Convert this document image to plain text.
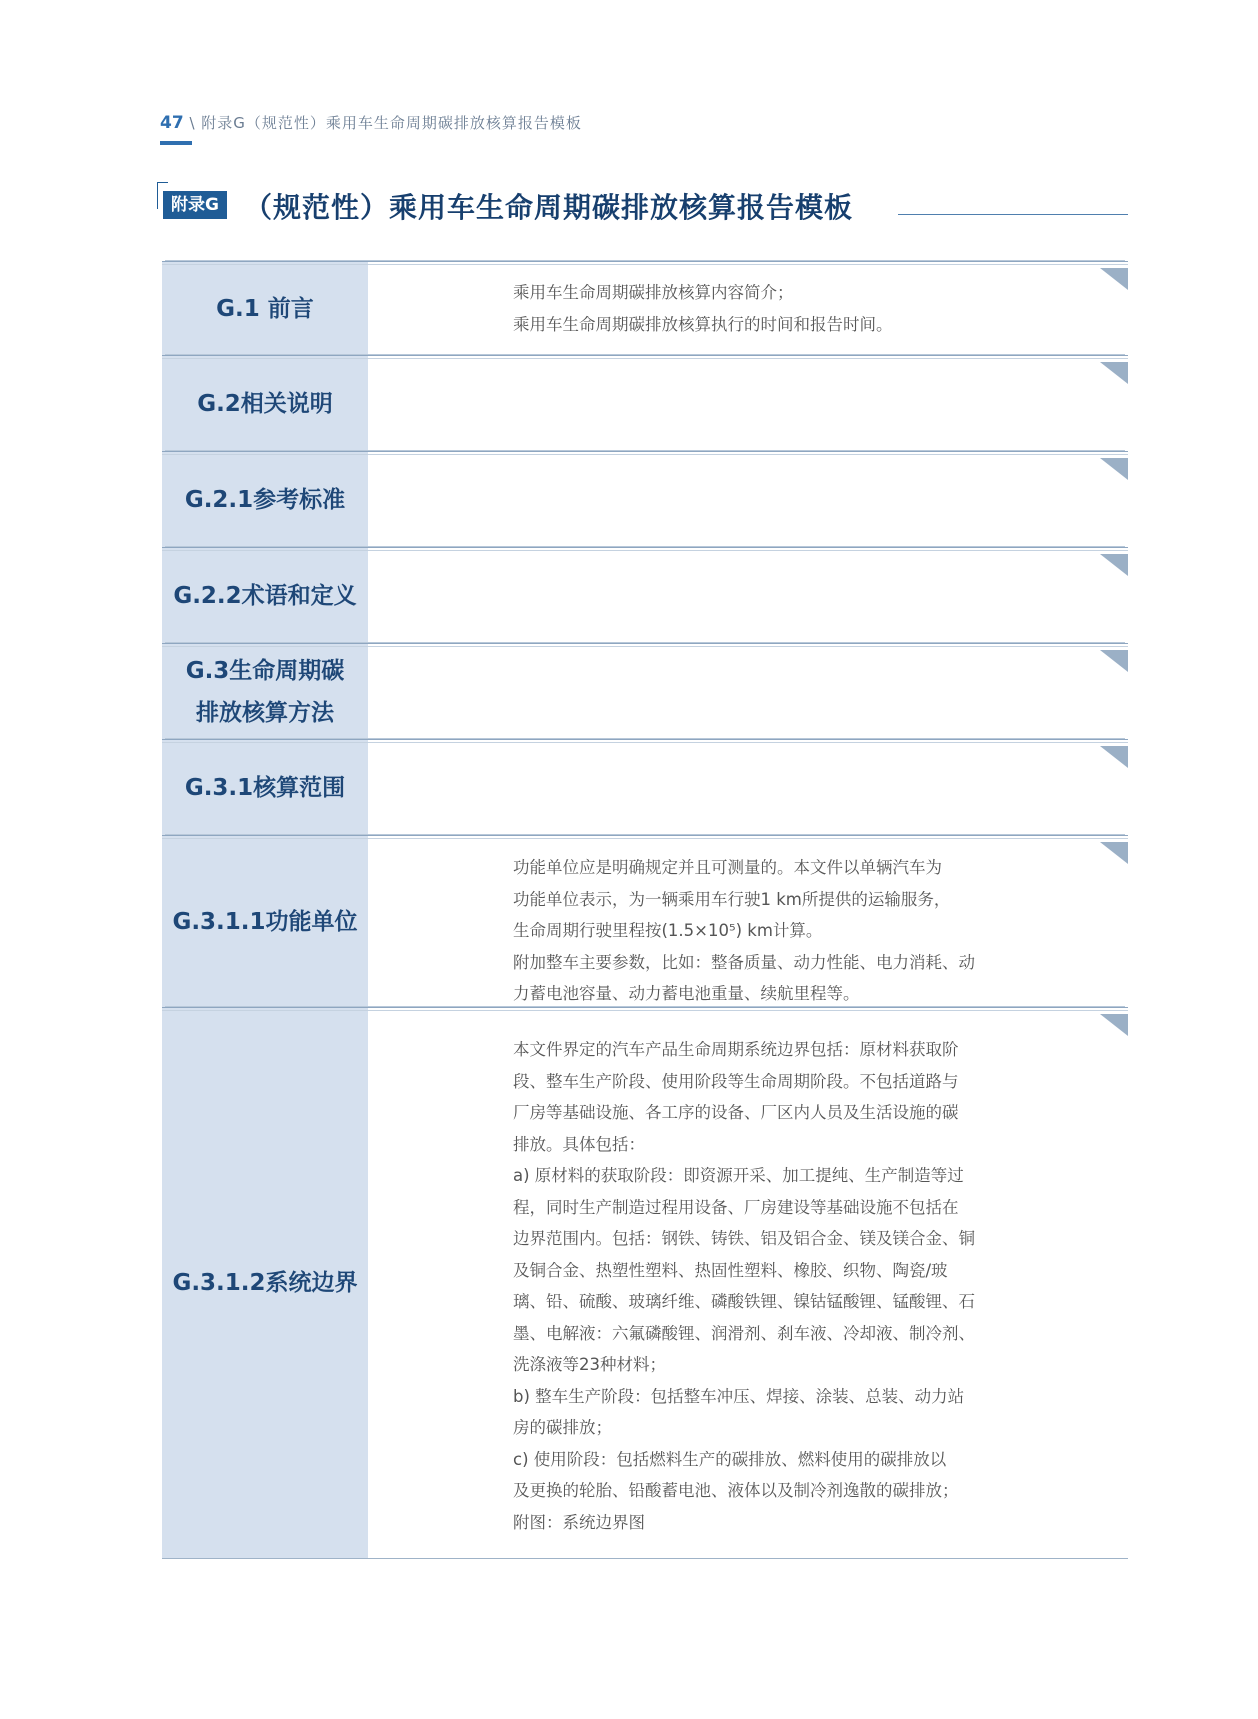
47 \ 附录G（规范性）乘用车生命周期碳排放核算报告模板
附录G （规范性）乘用车生命周期碳排放核算报告模板
G.1 前言

乘用车生命周期碳排放核算内容简介；

乘用车生命周期碳排放核算执行的时间和报告时间。

G.2相关说明
G.2.1参考标准
G.2.2术语和定义
G.3生命周期碳
排放核算方法
G.3.1核算范围
G.3.1.1功能单位

功能单位应是明确规定并且可测量的。本文件以单辆汽车为

功能单位表示，为一辆乘用车行驶1 km所提供的运输服务，

生命周期行驶里程按(1.5×10⁵) km计算。

附加整车主要参数，比如：整备质量、动力性能、电力消耗、动

力蓄电池容量、动力蓄电池重量、续航里程等。

G.3.1.2系统边界

本文件界定的汽车产品生命周期系统边界包括：原材料获取阶

段、整车生产阶段、使用阶段等生命周期阶段。不包括道路与

厂房等基础设施、各工序的设备、厂区内人员及生活设施的碳

排放。具体包括：

a) 原材料的获取阶段：即资源开采、加工提纯、生产制造等过

程，同时生产制造过程用设备、厂房建设等基础设施不包括在

边界范围内。包括：钢铁、铸铁、铝及铝合金、镁及镁合金、铜

及铜合金、热塑性塑料、热固性塑料、橡胶、织物、陶瓷/玻

璃、铅、硫酸、玻璃纤维、磷酸铁锂、镍钴锰酸锂、锰酸锂、石

墨、电解液：六氟磷酸锂、润滑剂、刹车液、冷却液、制冷剂、

洗涤液等23种材料；

b) 整车生产阶段：包括整车冲压、焊接、涂装、总装、动力站

房的碳排放；

c) 使用阶段：包括燃料生产的碳排放、燃料使用的碳排放以

及更换的轮胎、铅酸蓄电池、液体以及制冷剂逸散的碳排放；

附图：系统边界图
